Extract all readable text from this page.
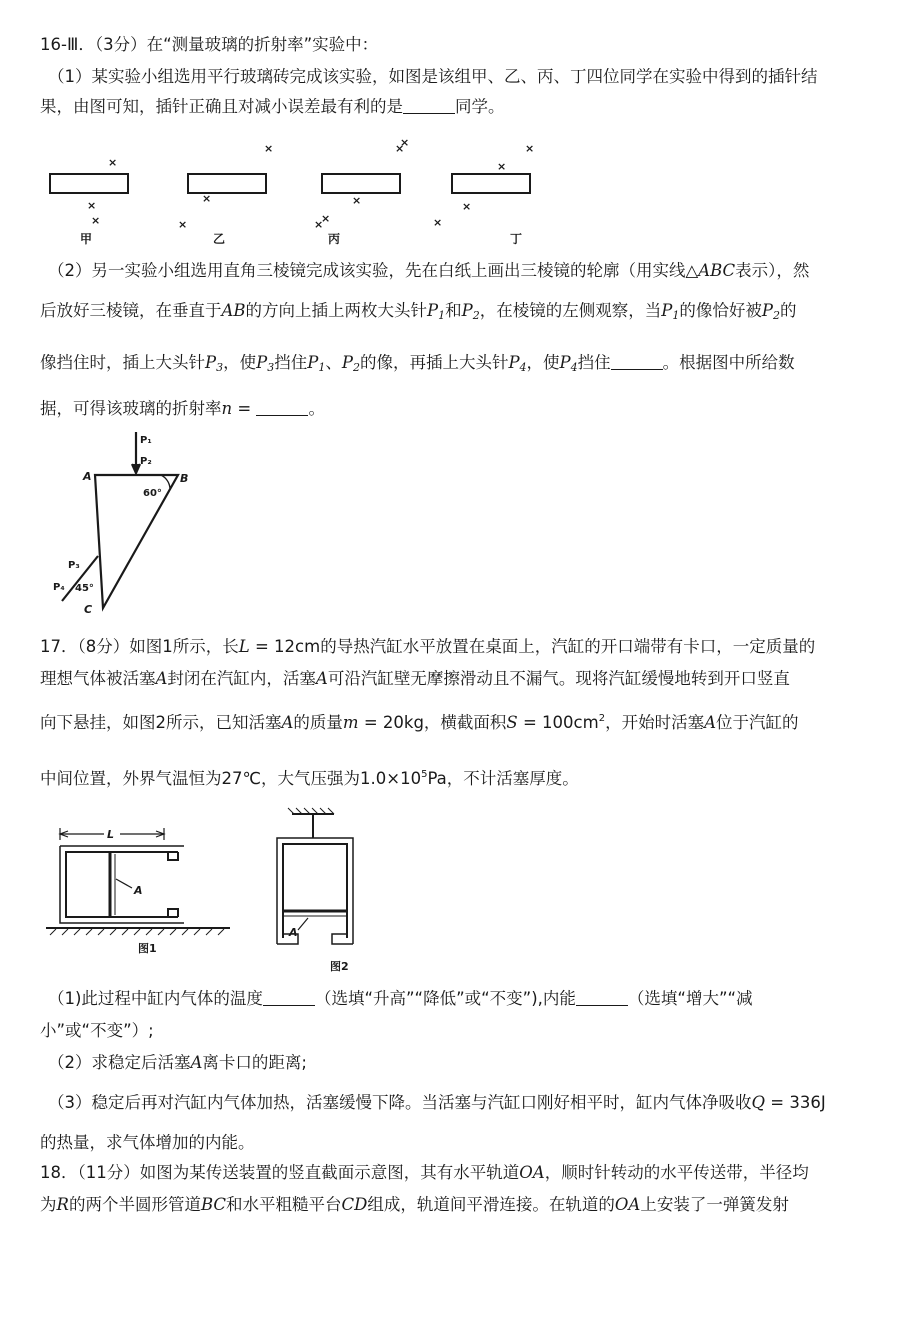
16-Ⅲ．（3分）在“测量玻璃的折射率”实验中：
（1）某实验小组选用平行玻璃砖完成该实验，如图是该组甲、乙、丙、丁四位同学在实验中得到的插针结
果，由图可知，插针正确且对减小误差最有利的是	同学。
×
×
×
×
×
×
×
×
×
×
×
×
×
×
×
甲	乙	丙	丁
（2）另一实验小组选用直角三棱镜完成该实验，先在白纸上画出三棱镜的轮廓（用实线△ABC表示），然
后放好三棱镜，在垂直于AB的方向上插上两枚大头针$P_1$和$P_2$，在棱镜的左侧观察，当$P_1$的像恰好被$P_2$的
像挡住时，插上大头针$P_3$，使$P_3$挡住$P_1$、$P_2$的像，再插上大头针$P_4$，使$P_4$挡住	。根据图中所给数
据，可得该玻璃的折射率n =	。
P₁
P₂
A	B
60°
P₃
P₄ 45°
C
17．（8分）如图1所示，长L = 12cm的导热汽缸水平放置在桌面上，汽缸的开口端带有卡口，一定质量的
理想气体被活塞A封闭在汽缸内，活塞A可沿汽缸壁无摩擦滑动且不漏气。现将汽缸缓慢地转到开口竖直
向下悬挂，如图2所示，已知活塞A的质量m = 20kg，横截面积$S = 100cm^2$，开始时活塞A位于汽缸的
中间位置，外界气温恒为27℃，大气压强为$1.0\times 10^5Pa$，不计活塞厚度。
L
A
图1
A
图2
（1)此过程中缸内气体的温度	（选填“升高”“降低”或“不变”),内能	（选填“增大”“减
小”或“不变”）;
（2）求稳定后活塞A离卡口的距离;
（3）稳定后再对汽缸内气体加热，活塞缓慢下降。当活塞与汽缸口刚好相平时，缸内气体净吸收Q = 336J
的热量，求气体增加的内能。
18．（11分）如图为某传送装置的竖直截面示意图，其有水平轨道OA，顺时针转动的水平传送带，半径均
为R的两个半圆形管道BC和水平粗糙平台CD组成，轨道间平滑连接。在轨道的OA上安装了一弹簧发射
